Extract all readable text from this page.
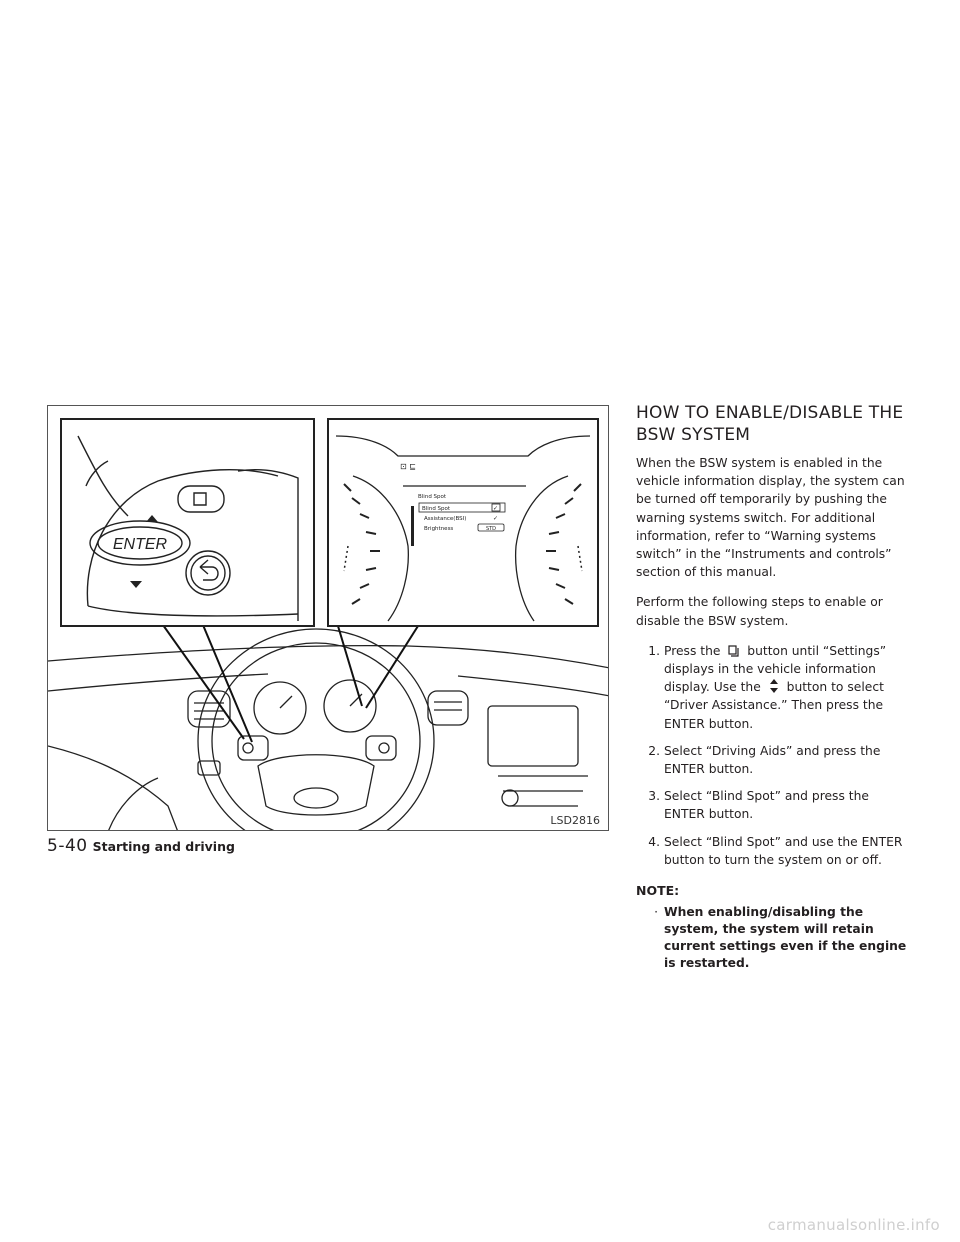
ENTER
⊡ ⊑
Blind Spot
Blind Spot
Assistance(BSI)
Brightness
✓
✓
STD
LSD2816
HOW TO ENABLE/DISABLE THE BSW SYSTEM

When the BSW system is enabled in the vehicle information display, the system can be turned off temporarily by pushing the warning systems switch. For additional information, refer to “Warning systems switch” in the “Instruments and controls” section of this manual.

Perform the following steps to enable or disable the BSW system.

1. Press the button until “Settings” displays in the vehicle information display. Use the button to select “Driver Assistance.” Then press the ENTER button.
2. Select “Driving Aids” and press the ENTER button.
3. Select “Blind Spot” and press the ENTER button.
4. Select “Blind Spot” and use the ENTER button to turn the system on or off.
NOTE:
· When enabling/disabling the system, the system will retain current settings even if the engine is restarted.
5-40 Starting and driving
carmanualsonline.info
